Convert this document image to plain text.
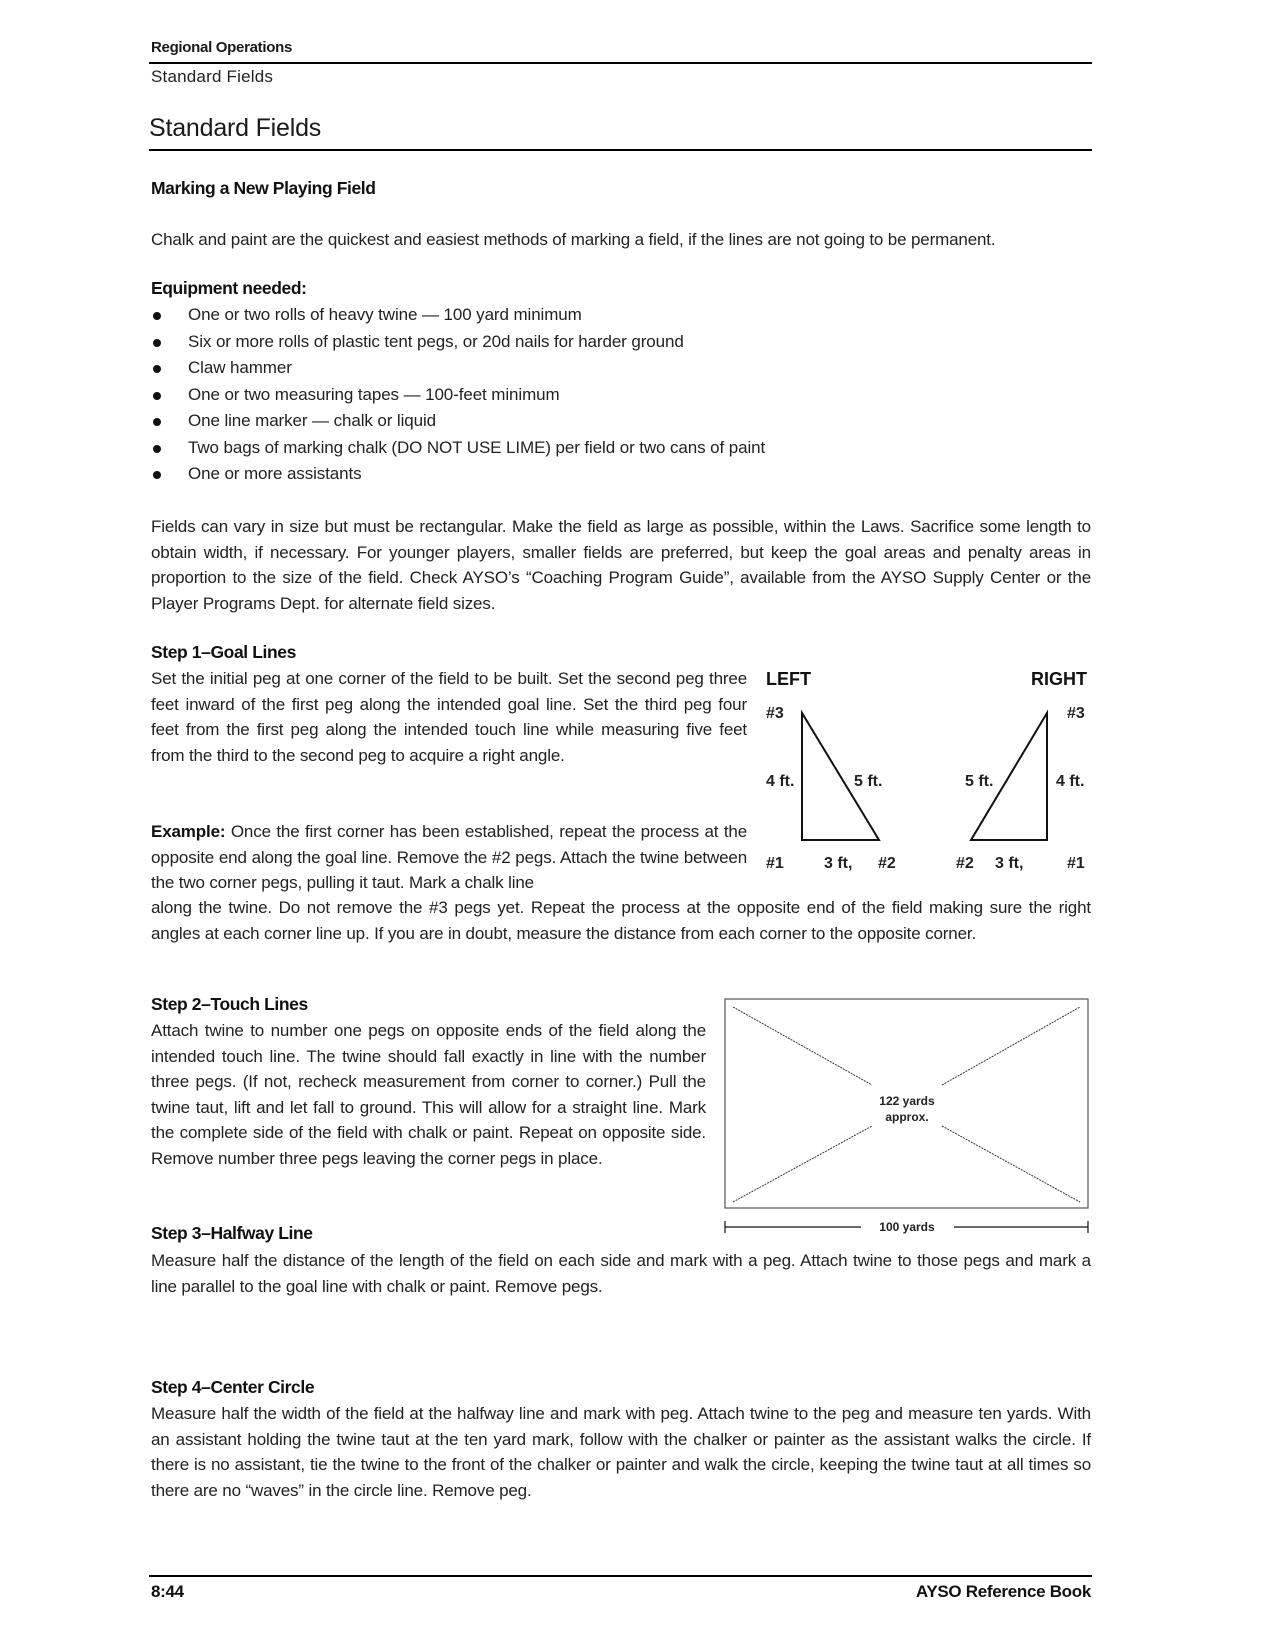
Regional Operations
Standard Fields
Standard Fields
Marking a New Playing Field
Chalk and paint are the quickest and easiest methods of marking a field, if the lines are not going to be permanent.
Equipment needed:
One or two rolls of heavy twine — 100 yard minimum
Six or more rolls of plastic tent pegs, or 20d nails for harder ground
Claw hammer
One or two measuring tapes — 100-feet minimum
One line marker — chalk or liquid
Two bags of marking chalk (DO NOT USE LIME) per field or two cans of paint
One or more assistants
Fields can vary in size but must be rectangular. Make the field as large as possible, within the Laws. Sacrifice some length to obtain width, if necessary. For younger players, smaller fields are preferred, but keep the goal areas and penalty areas in proportion to the size of the field. Check AYSO’s “Coaching Program Guide”, available from the AYSO Supply Center or the Player Programs Dept. for alternate field sizes.
Step 1–Goal Lines
Set the initial peg at one corner of the field to be built. Set the second peg three feet inward of the first peg along the intended goal line. Set the third peg four feet from the first peg along the intended touch line while measuring five feet from the third to the second peg to acquire a right angle.
Example: Once the first corner has been established, repeat the process at the opposite end along the goal line. Remove the #2 pegs. Attach the twine between the two corner pegs, pulling it taut. Mark a chalk line
along the twine. Do not remove the #3 pegs yet. Repeat the process at the opposite end of the field making sure the right angles at each corner line up. If you are in doubt, measure the distance from each corner to the opposite corner.
LEFT
#3
4 ft.	5 ft.
#1	3 ft, #2
RIGHT
#3
5 ft.	4 ft.
#2 3 ft,	#1
Step 2–Touch Lines
Attach twine to number one pegs on opposite ends of the field along the intended touch line. The twine should fall exactly in line with the number three pegs. (If not, recheck measurement from corner to corner.) Pull the twine taut, lift and let fall to ground. This will allow for a straight line. Mark the complete side of the field with chalk or paint. Repeat on opposite side. Remove number three pegs leaving the corner pegs in place.
122 yards
approx.
100 yards
Step 3–Halfway Line
Measure half the distance of the length of the field on each side and mark with a peg. Attach twine to those pegs and mark a line parallel to the goal line with chalk or paint. Remove pegs.
Step 4–Center Circle
Measure half the width of the field at the halfway line and mark with peg. Attach twine to the peg and measure ten yards. With an assistant holding the twine taut at the ten yard mark, follow with the chalker or painter as the assistant walks the circle. If there is no assistant, tie the twine to the front of the chalker or painter and walk the circle, keeping the twine taut at all times so there are no “waves” in the circle line. Remove peg.
8:44	AYSO Reference Book
